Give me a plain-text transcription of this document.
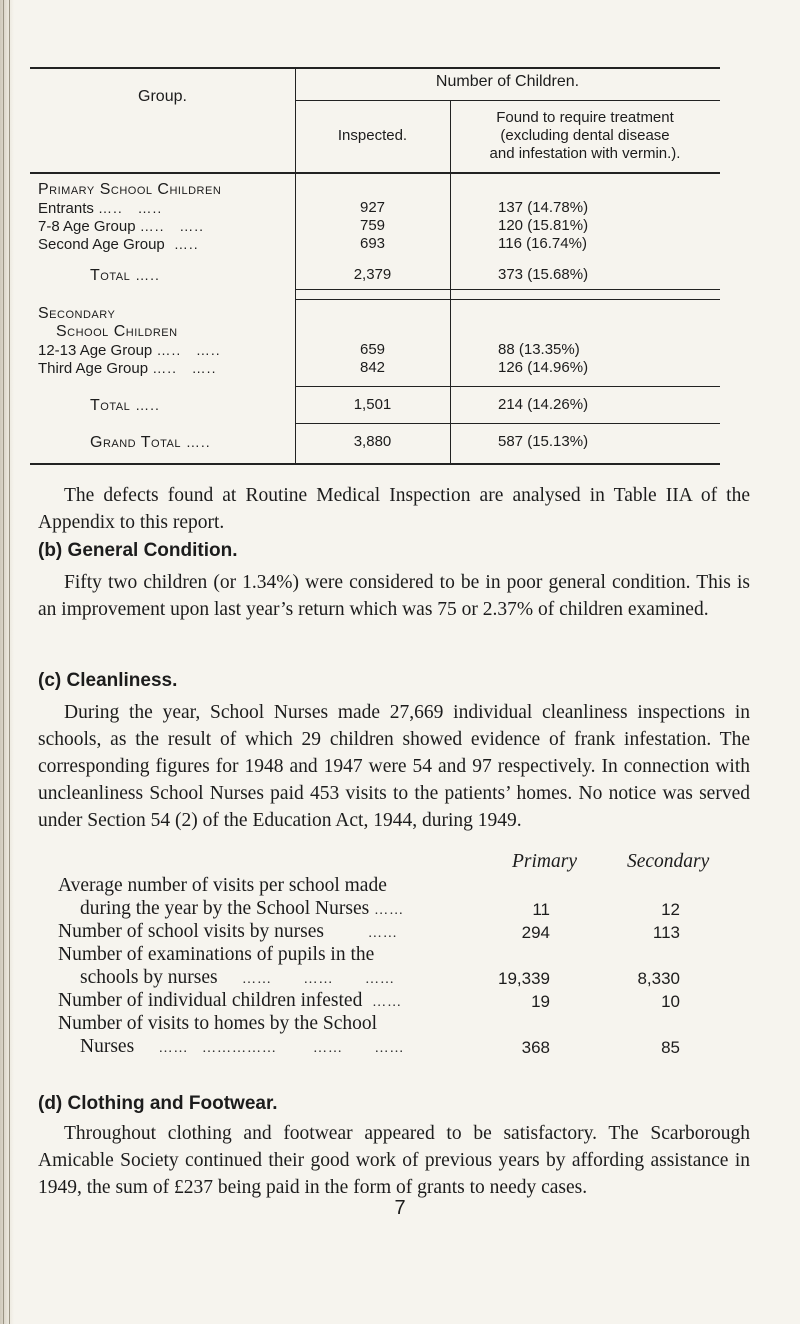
Group.
Number of Children.
Inspected.
Found to require treatment
(excluding dental disease
and infestation with vermin.).
Primary School Children
Entrants …..   …..	927	137 (14.78%)
7-8 Age Group …..   …..	759	120 (15.81%)
Second Age Group  …..	693	116 (16.74%)
Total …..	2,379	373 (15.68%)
Secondary
School Children
12-13 Age Group …..   …..	659	88 (13.35%)
Third Age Group …..   …..	842	126 (14.96%)
Total …..	1,501	214 (14.26%)
Grand Total …..	3,880	587 (15.13%)
The defects found at Routine Medical Inspection are analysed in Table IIA of the Appendix to this report.
(b) General Condition.
Fifty two children (or 1.34%) were considered to be in poor general condition. This is an improvement upon last year’s return which was 75 or 2.37% of children examined.
(c) Cleanliness.
During the year, School Nurses made 27,669 individual cleanliness inspections in schools, as the result of which 29 children showed evidence of frank infestation. The corresponding figures for 1948 and 1947 were 54 and 97 respectively. In connection with uncleanliness School Nurses paid 453 visits to the patients’ homes. No notice was served under Section 54 (2) of the Education Act, 1944, during 1949.
Primary	Secondary
Average number of visits per school made
during the year by the School Nurses ……	11	12
Number of school visits by nurses	……	294	113
Number of examinations of pupils in the
schools by nurses ……       ……       ……	19,339	8,330
Number of individual children infested ……	19	10
Number of visits to homes by the School
Nurses ……   ……………        ……       ……	368	85
(d) Clothing and Footwear.
Throughout clothing and footwear appeared to be satisfactory. The Scarborough Amicable Society continued their good work of previous years by affording assistance in 1949, the sum of £237 being paid in the form of grants to needy cases.
7
